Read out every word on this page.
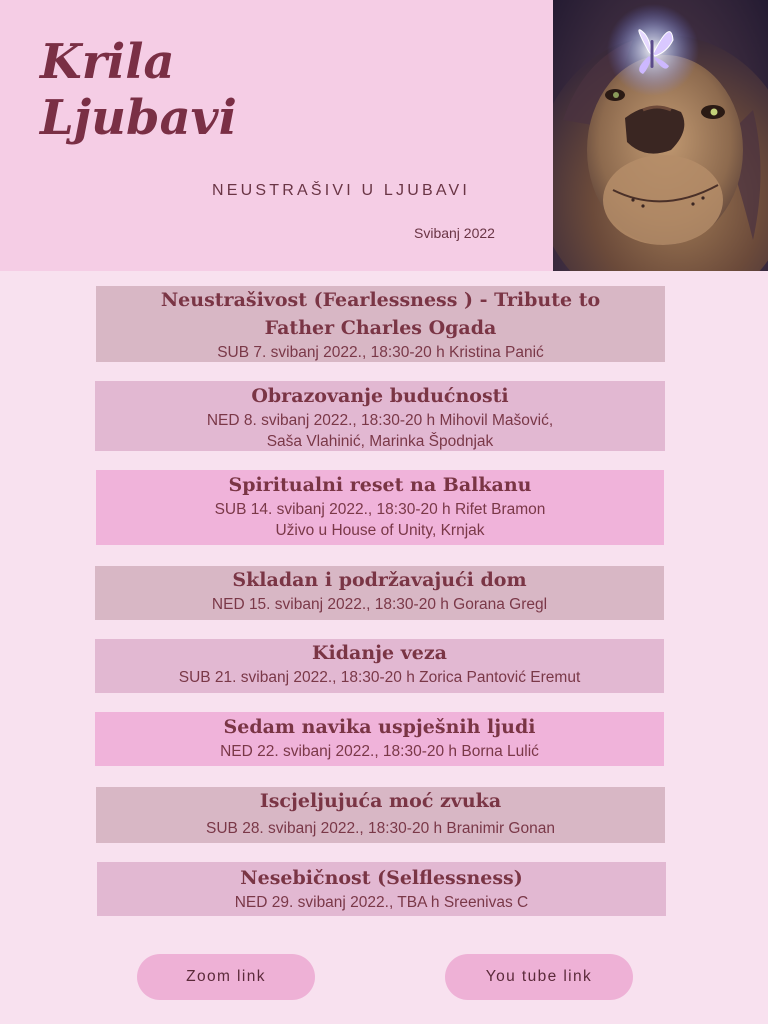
Krila
Ljubavi
NEUSTRAŠIVI U LJUBAVI
Svibanj 2022
Neustrašivost (Fearlessness ) - Tribute to Father Charles Ogada
SUB 7. svibanj 2022., 18:30-20 h Kristina Panić
Obrazovanje budućnosti
NED 8. svibanj 2022., 18:30-20 h Mihovil Mašović,
Saša Vlahinić, Marinka Špodnjak
Spiritualni reset na Balkanu
SUB 14. svibanj 2022., 18:30-20 h Rifet Bramon
Uživo u House of Unity, Krnjak
Skladan i podržavajući dom
NED 15. svibanj 2022., 18:30-20 h Gorana Gregl
Kidanje veza
SUB 21. svibanj 2022., 18:30-20 h Zorica Pantović Eremut
Sedam navika uspješnih ljudi
NED 22. svibanj 2022., 18:30-20 h Borna Lulić
Iscjeljujuća moć zvuka
SUB 28. svibanj 2022., 18:30-20 h Branimir Gonan
Nesebičnost (Selflessness)
NED 29. svibanj 2022., TBA h Sreenivas C
Zoom link	You tube link
